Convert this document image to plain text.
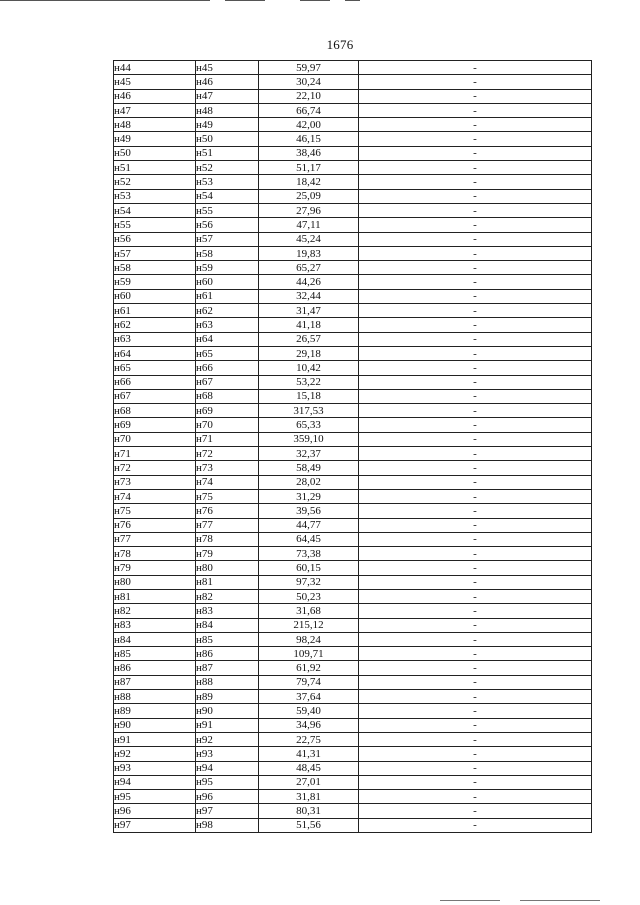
1676
н44	н45	59,97	-
н45	н46	30,24	-
н46	н47	22,10	-
н47	н48	66,74	-
н48	н49	42,00	-
н49	н50	46,15	-
н50	н51	38,46	-
н51	н52	51,17	-
н52	н53	18,42	-
н53	н54	25,09	-
н54	н55	27,96	-
н55	н56	47,11	-
н56	н57	45,24	-
н57	н58	19,83	-
н58	н59	65,27	-
н59	н60	44,26	-
н60	н61	32,44	-
н61	н62	31,47	-
н62	н63	41,18	-
н63	н64	26,57	-
н64	н65	29,18	-
н65	н66	10,42	-
н66	н67	53,22	-
н67	н68	15,18	-
н68	н69	317,53	-
н69	н70	65,33	-
н70	н71	359,10	-
н71	н72	32,37	-
н72	н73	58,49	-
н73	н74	28,02	-
н74	н75	31,29	-
н75	н76	39,56	-
н76	н77	44,77	-
н77	н78	64,45	-
н78	н79	73,38	-
н79	н80	60,15	-
н80	н81	97,32	-
н81	н82	50,23	-
н82	н83	31,68	-
н83	н84	215,12	-
н84	н85	98,24	-
н85	н86	109,71	-
н86	н87	61,92	-
н87	н88	79,74	-
н88	н89	37,64	-
н89	н90	59,40	-
н90	н91	34,96	-
н91	н92	22,75	-
н92	н93	41,31	-
н93	н94	48,45	-
н94	н95	27,01	-
н95	н96	31,81	-
н96	н97	80,31	-
н97	н98	51,56	-
